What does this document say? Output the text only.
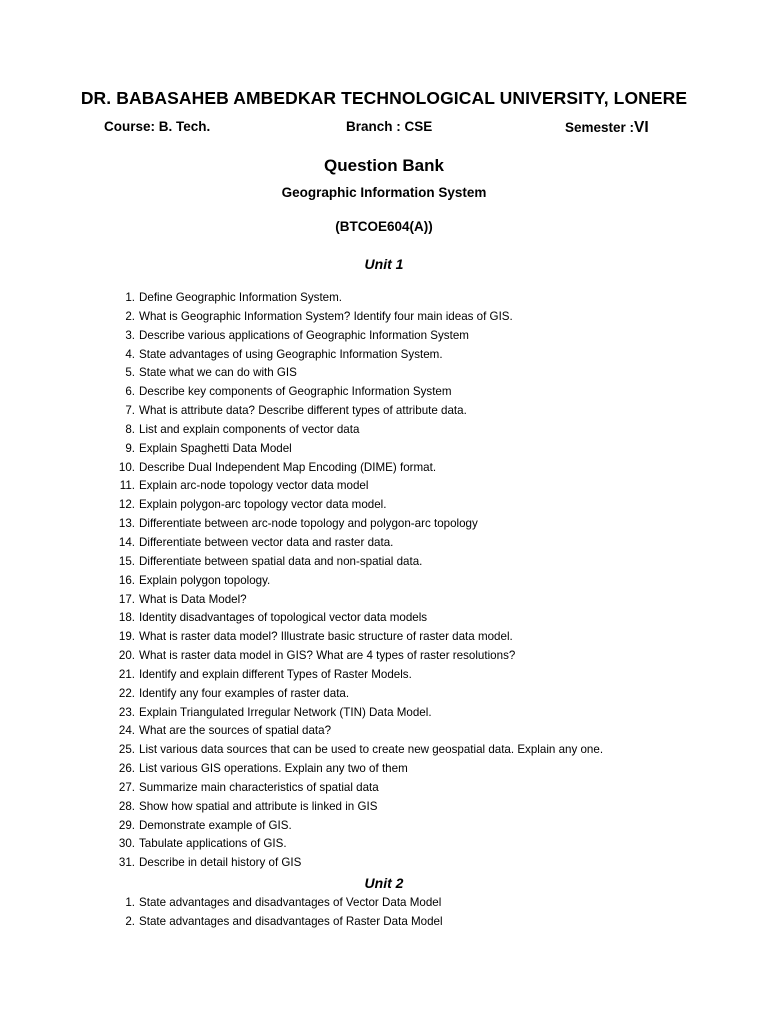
DR. BABASAHEB AMBEDKAR TECHNOLOGICAL UNIVERSITY, LONERE
Course: B. Tech.	Branch : CSE	Semester :VI
Question Bank
Geographic Information System
(BTCOE604(A))
Unit 1
1. Define Geographic Information System.
2. What is Geographic Information System? Identify four main ideas of GIS.
3. Describe various applications of Geographic Information System
4. State advantages of using Geographic Information System.
5. State what we can do with GIS
6. Describe key components of Geographic Information System
7. What is attribute data? Describe different types of attribute data.
8. List and explain components of vector data
9. Explain Spaghetti Data Model
10. Describe Dual Independent Map Encoding (DIME) format.
11. Explain arc-node topology vector data model
12. Explain polygon-arc topology vector data model.
13. Differentiate between arc-node topology and polygon-arc topology
14. Differentiate between vector data and raster data.
15. Differentiate between spatial data and non-spatial data.
16. Explain polygon topology.
17. What is Data Model?
18. Identity disadvantages of topological vector data models
19. What is raster data model? Illustrate basic structure of raster data model.
20. What is raster data model in GIS? What are 4 types of raster resolutions?
21. Identify and explain different Types of Raster Models.
22. Identify any four examples of raster data.
23. Explain Triangulated Irregular Network (TIN) Data Model.
24. What are the sources of spatial data?
25. List various data sources that can be used to create new geospatial data. Explain any one.
26. List various GIS operations. Explain any two of them
27. Summarize main characteristics of spatial data
28. Show how spatial and attribute is linked in GIS
29. Demonstrate example of GIS.
30. Tabulate applications of GIS.
31. Describe in detail history of GIS
Unit 2
1. State advantages and disadvantages of Vector Data Model
2. State advantages and disadvantages of Raster Data Model
